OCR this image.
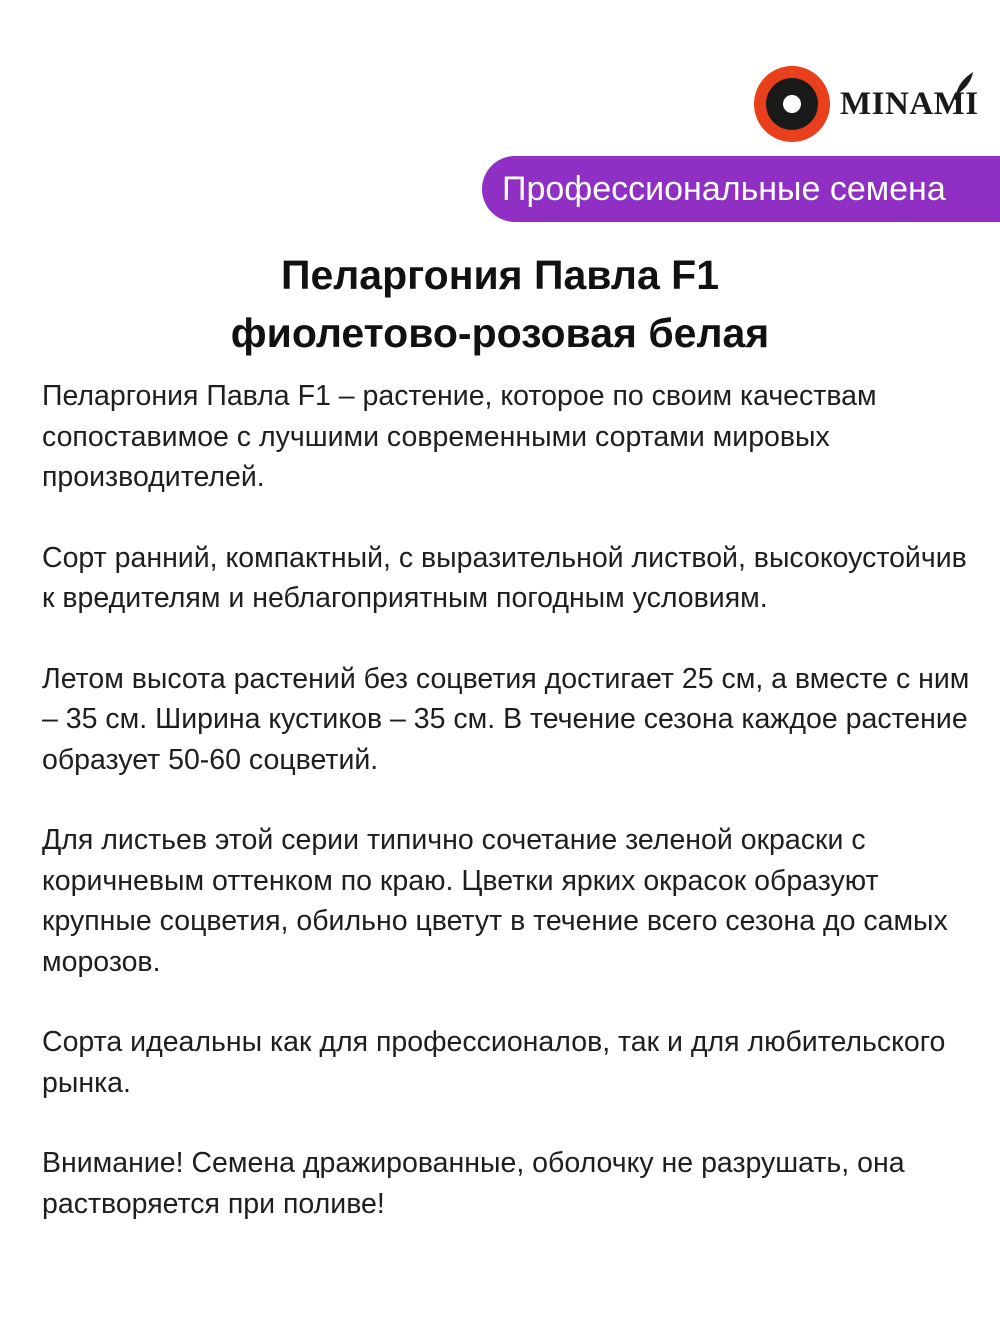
MINAMI
Профессиональные семена
Пеларгония Павла F1
фиолетово-розовая белая

Пеларгония Павла F1 – растение, которое по своим качествам сопоставимое с лучшими современными сортами мировых производителей.

Сорт ранний, компактный, с выразительной листвой, высокоустойчив к вредителям и неблагоприятным погодным условиям.

Летом высота растений без соцветия достигает 25 см, а вместе с ним – 35 см. Ширина кустиков – 35 см. В течение сезона каждое растение образует 50-60 соцветий.

Для листьев этой серии типично сочетание зеленой окраски с коричневым оттенком по краю. Цветки ярких окрасок образуют крупные соцветия, обильно цветут в течение всего сезона до самых морозов.

Сорта идеальны как для профессионалов, так и для любительского рынка.

Внимание! Семена дражированные, оболочку не разрушать, она растворяется при поливе!
